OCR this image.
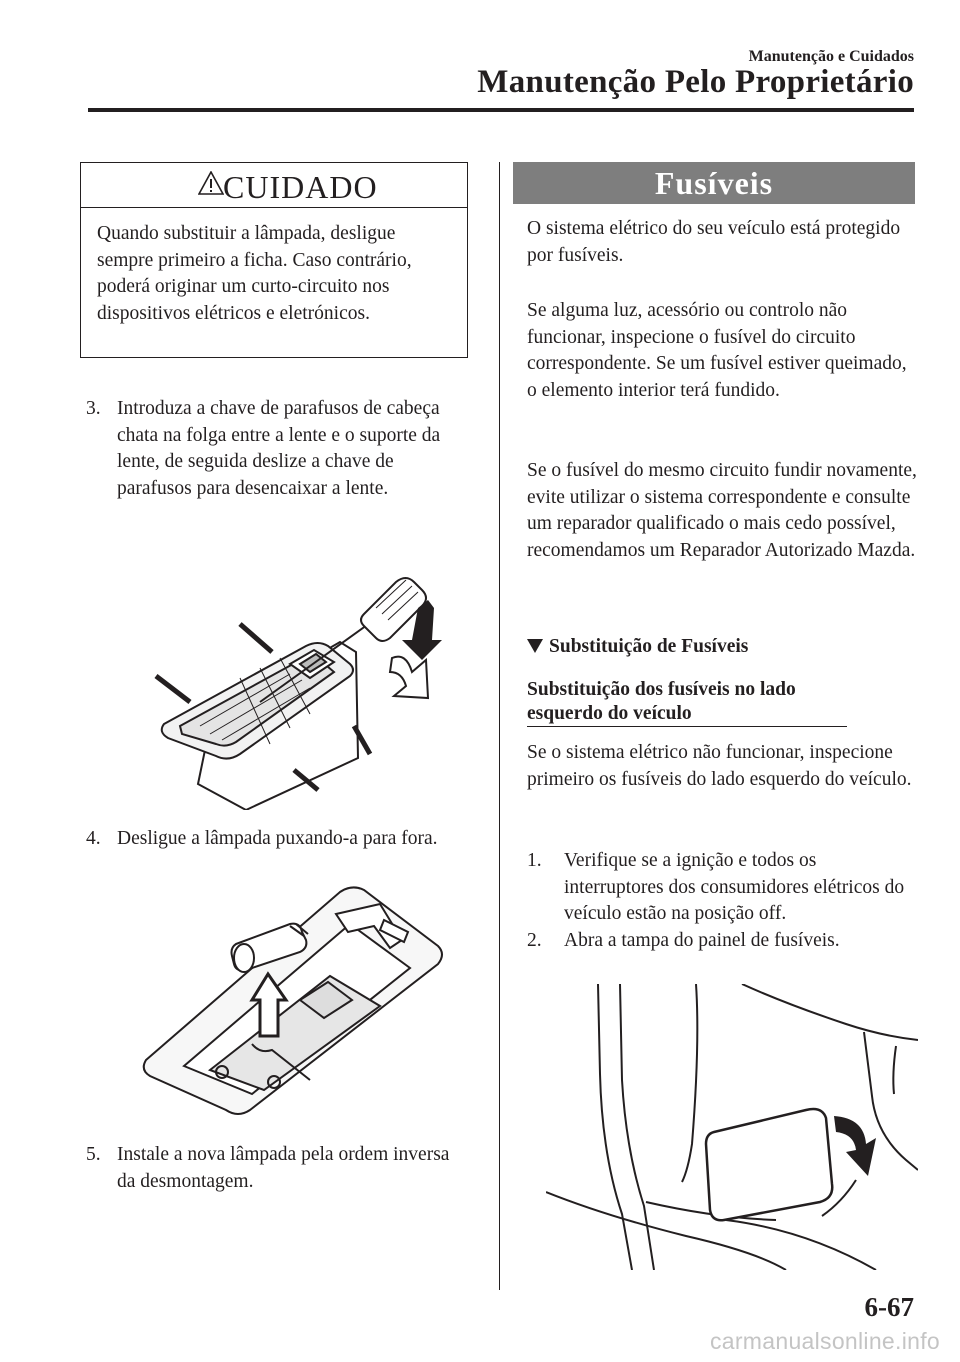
Manutenção e Cuidados
Manutenção Pelo Proprietário
CUIDADO
Quando substituir a lâmpada, desligue sempre primeiro a ficha. Caso contrário, poderá originar um curto-circuito nos dispositivos elétricos e eletrónicos.
3. Introduza a chave de parafusos de cabeça chata na folga entre a lente e o suporte da lente, de seguida deslize a chave de parafusos para desencaixar a lente.
4. Desligue a lâmpada puxando-a para fora.
5. Instale a nova lâmpada pela ordem inversa da desmontagem.
Fusíveis
O sistema elétrico do seu veículo está protegido por fusíveis.
Se alguma luz, acessório ou controlo não funcionar, inspecione o fusível do circuito correspondente. Se um fusível estiver queimado, o elemento interior terá fundido.
Se o fusível do mesmo circuito fundir novamente, evite utilizar o sistema correspondente e consulte um reparador qualificado o mais cedo possível, recomendamos um Reparador Autorizado Mazda.
Substituição de Fusíveis
Substituição dos fusíveis no lado esquerdo do veículo
Se o sistema elétrico não funcionar, inspecione primeiro os fusíveis do lado esquerdo do veículo.
1. Verifique se a ignição e todos os interruptores dos consumidores elétricos do veículo estão na posição off.
2. Abra a tampa do painel de fusíveis.
6-67
carmanualsonline.info
